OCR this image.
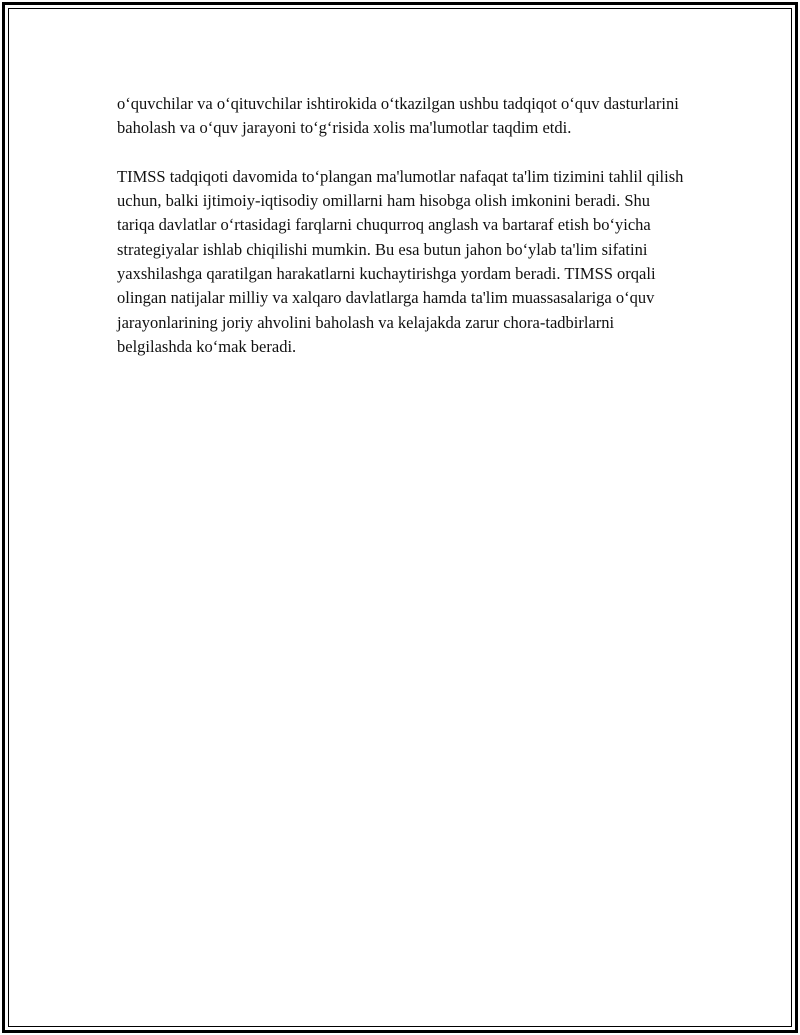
oʻquvchilar va oʻqituvchilar ishtirokida oʻtkazilgan ushbu tadqiqot oʻquv dasturlarini baholash va oʻquv jarayoni toʻgʻrisida xolis ma'lumotlar taqdim etdi.

TIMSS tadqiqoti davomida toʻplangan ma'lumotlar nafaqat ta'lim tizimini tahlil qilish uchun, balki ijtimoiy-iqtisodiy omillarni ham hisobga olish imkonini beradi. Shu tariqa davlatlar oʻrtasidagi farqlarni chuqurroq anglash va bartaraf etish boʻyicha strategiyalar ishlab chiqilishi mumkin. Bu esa butun jahon boʻylab ta'lim sifatini yaxshilashga qaratilgan harakatlarni kuchaytirishga yordam beradi. TIMSS orqali olingan natijalar milliy va xalqaro davlatlarga hamda ta'lim muassasalariga oʻquv jarayonlarining joriy ahvolini baholash va kelajakda zarur chora-tadbirlarni belgilashda koʻmak beradi.
